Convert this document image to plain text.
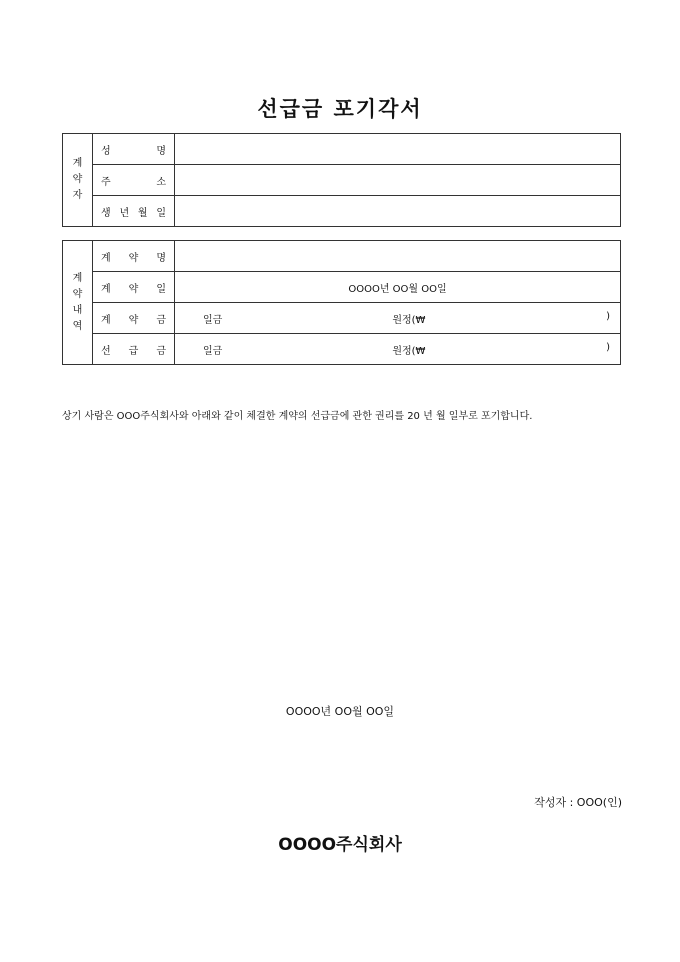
선급금 포기각서
계
약
자	성 명	

	주 소	

	생 년 월 일	

계
약
내
역	계 약 명	

	계 약 일	OOOO년 OO월 OO일

	계 약 금	일금 원정(₩ )

	선 급 금	일금 원정(₩ )
상기 사람은 OOO주식회사와 아래와 같이 체결한 계약의 선급금에 관한 권리를 20 년 월 일부로 포기합니다.
OOOO년 OO월 OO일
작성자 : OOO(인)
OOOO주식회사
